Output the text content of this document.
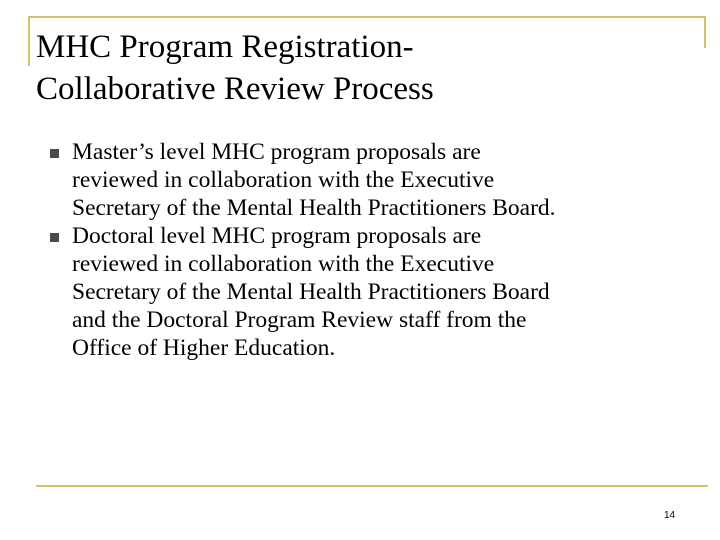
MHC Program Registration-
Collaborative Review Process
Master’s level MHC program proposals are
reviewed in collaboration with the Executive
Secretary of the Mental Health Practitioners Board.
Doctoral level MHC program proposals are
reviewed in collaboration with the Executive
Secretary of the Mental Health Practitioners Board
and the Doctoral Program Review staff from the
Office of Higher Education.
14
